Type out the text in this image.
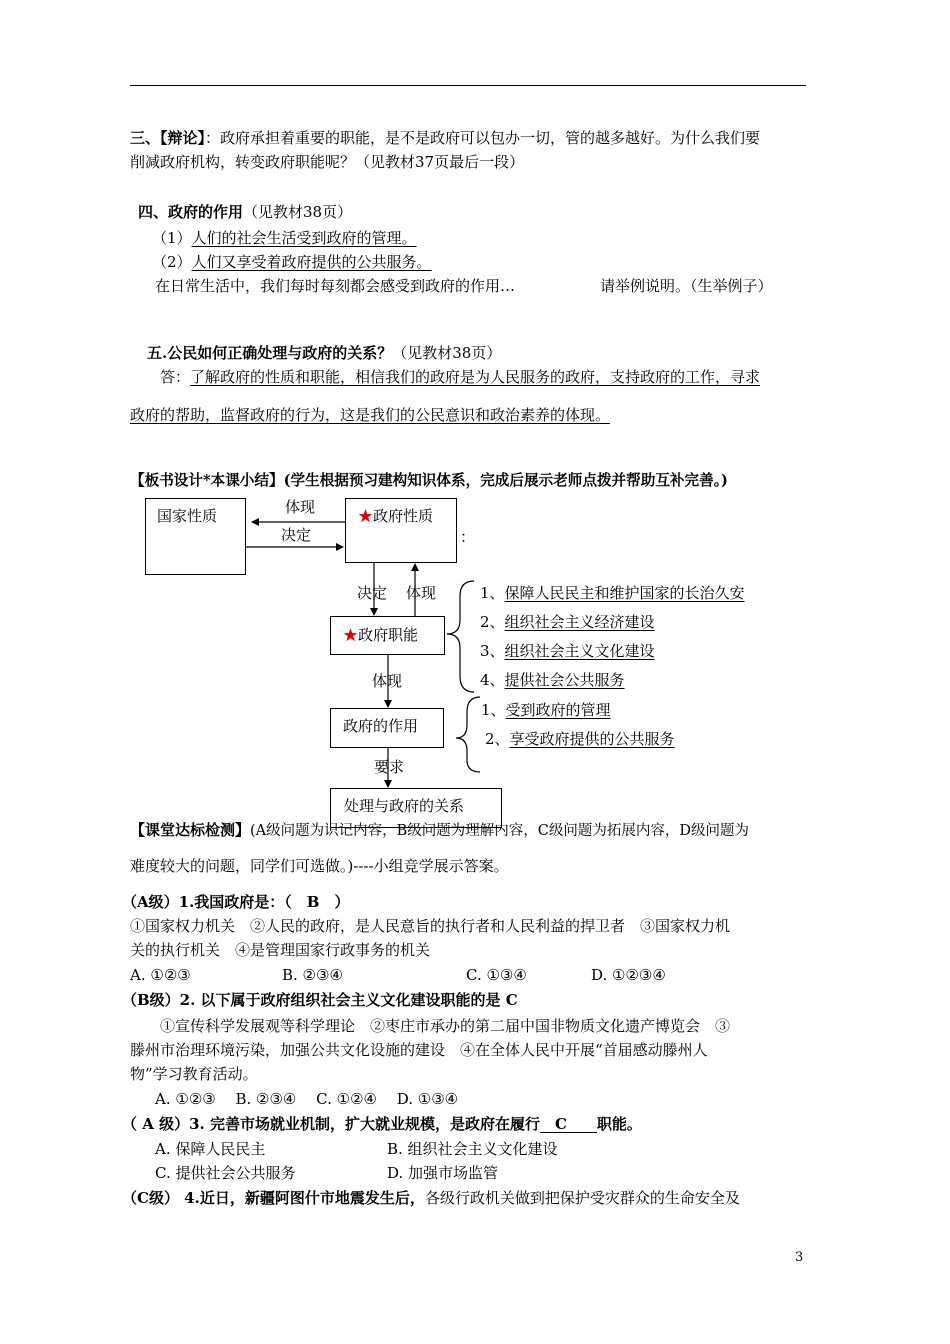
三、【辩论】：政府承担着重要的职能，是不是政府可以包办一切，管的越多越好。为什么我们要
削减政府机构，转变政府职能呢？（见教材37页最后一段）
四、政府的作用（见教材38页）
（1）人们的社会生活受到政府的管理。
（2）人们又享受着政府提供的公共服务。
在日常生活中，我们每时每刻都会感受到政府的作用…	请举例说明。（生举例子）
五.公民如何正确处理与政府的关系？（见教材38页）
答：了解政府的性质和职能，相信我们的政府是为人民服务的政府，支持政府的工作，寻求
政府的帮助，监督政府的行为，这是我们的公民意识和政治素养的体现。
【板书设计*本课小结】(学生根据预习建构知识体系，完成后展示老师点拨并帮助互补完善。)
国家性质	★政府性质
：
★政府职能
政府的作用
处理与政府的关系
体现
决定
决定 体现
体现
要求
1、保障人民民主和维护国家的长治久安
2、组织社会主义经济建设
3、组织社会主义文化建设
4、提供社会公共服务
1、受到政府的管理
2、享受政府提供的公共服务
【课堂达标检测】(A级问题为识记内容，B级问题为理解内容，C级问题为拓展内容，D级问题为
难度较大的问题，同学们可选做。)----小组竞学展示答案。
（A级）1.我国政府是：（　B　）
①国家权力机关　②人民的政府，是人民意旨的执行者和人民利益的捍卫者　③国家权力机
关的执行机关　④是管理国家行政事务的机关
A. ①②③	B. ②③④	C. ①③④	D. ①②③④
（B级）2. 以下属于政府组织社会主义文化建设职能的是 C
①宣传科学发展观等科学理论　②枣庄市承办的第二届中国非物质文化遗产博览会　③
滕州市治理环境污染，加强公共文化设施的建设　④在全体人民中开展“首届感动滕州人
物”学习教育活动。
A. ①②③　 B. ②③④　 C. ①②④　 D. ①③④
（ A 级）3. 完善市场就业机制，扩大就业规模，是政府在履行　C　　职能。
A. 保障人民民主	B. 组织社会主义文化建设
C. 提供社会公共服务	D. 加强市场监管
（C级） 4.近日，新疆阿图什市地震发生后，各级行政机关做到把保护受灾群众的生命安全及
3
